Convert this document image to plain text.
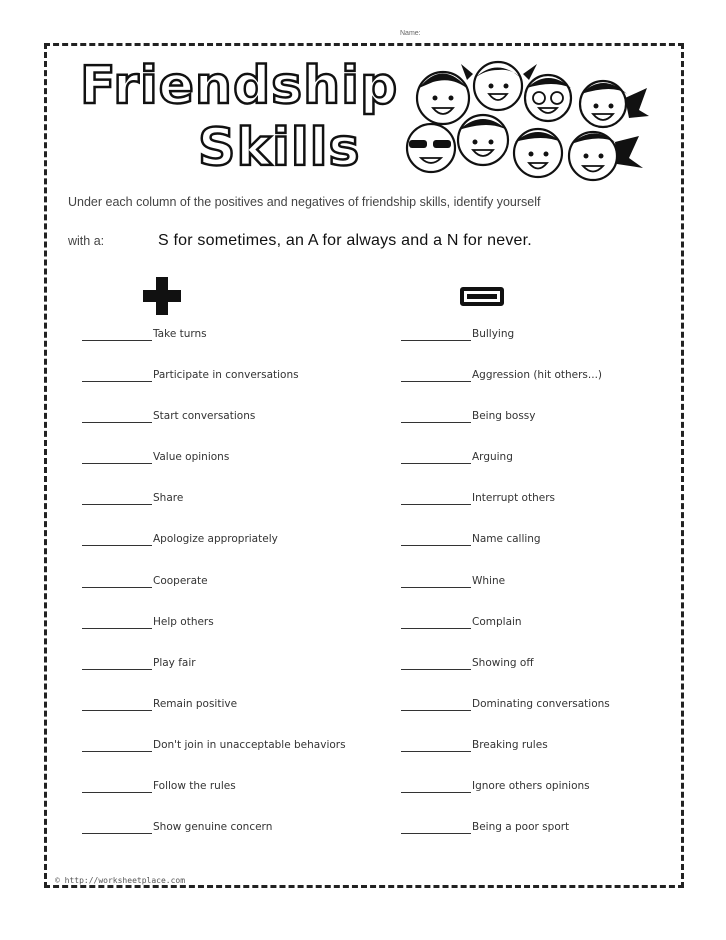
Name:
Friendship
Skills

Under each column of the positives and negatives of friendship skills, identify yourself

with a:	S for sometimes, an A for always and a N for never.
Take turns
Participate in conversations
Start conversations
Value opinions
Share
Apologize appropriately
Cooperate
Help others
Play fair
Remain positive
Don't join in unacceptable behaviors
Follow the rules
Show genuine concern
Bullying
Aggression (hit others...)
Being bossy
Arguing
Interrupt others
Name calling
Whine
Complain
Showing off
Dominating conversations
Breaking rules
Ignore others opinions
Being a poor sport
© http://worksheetplace.com
